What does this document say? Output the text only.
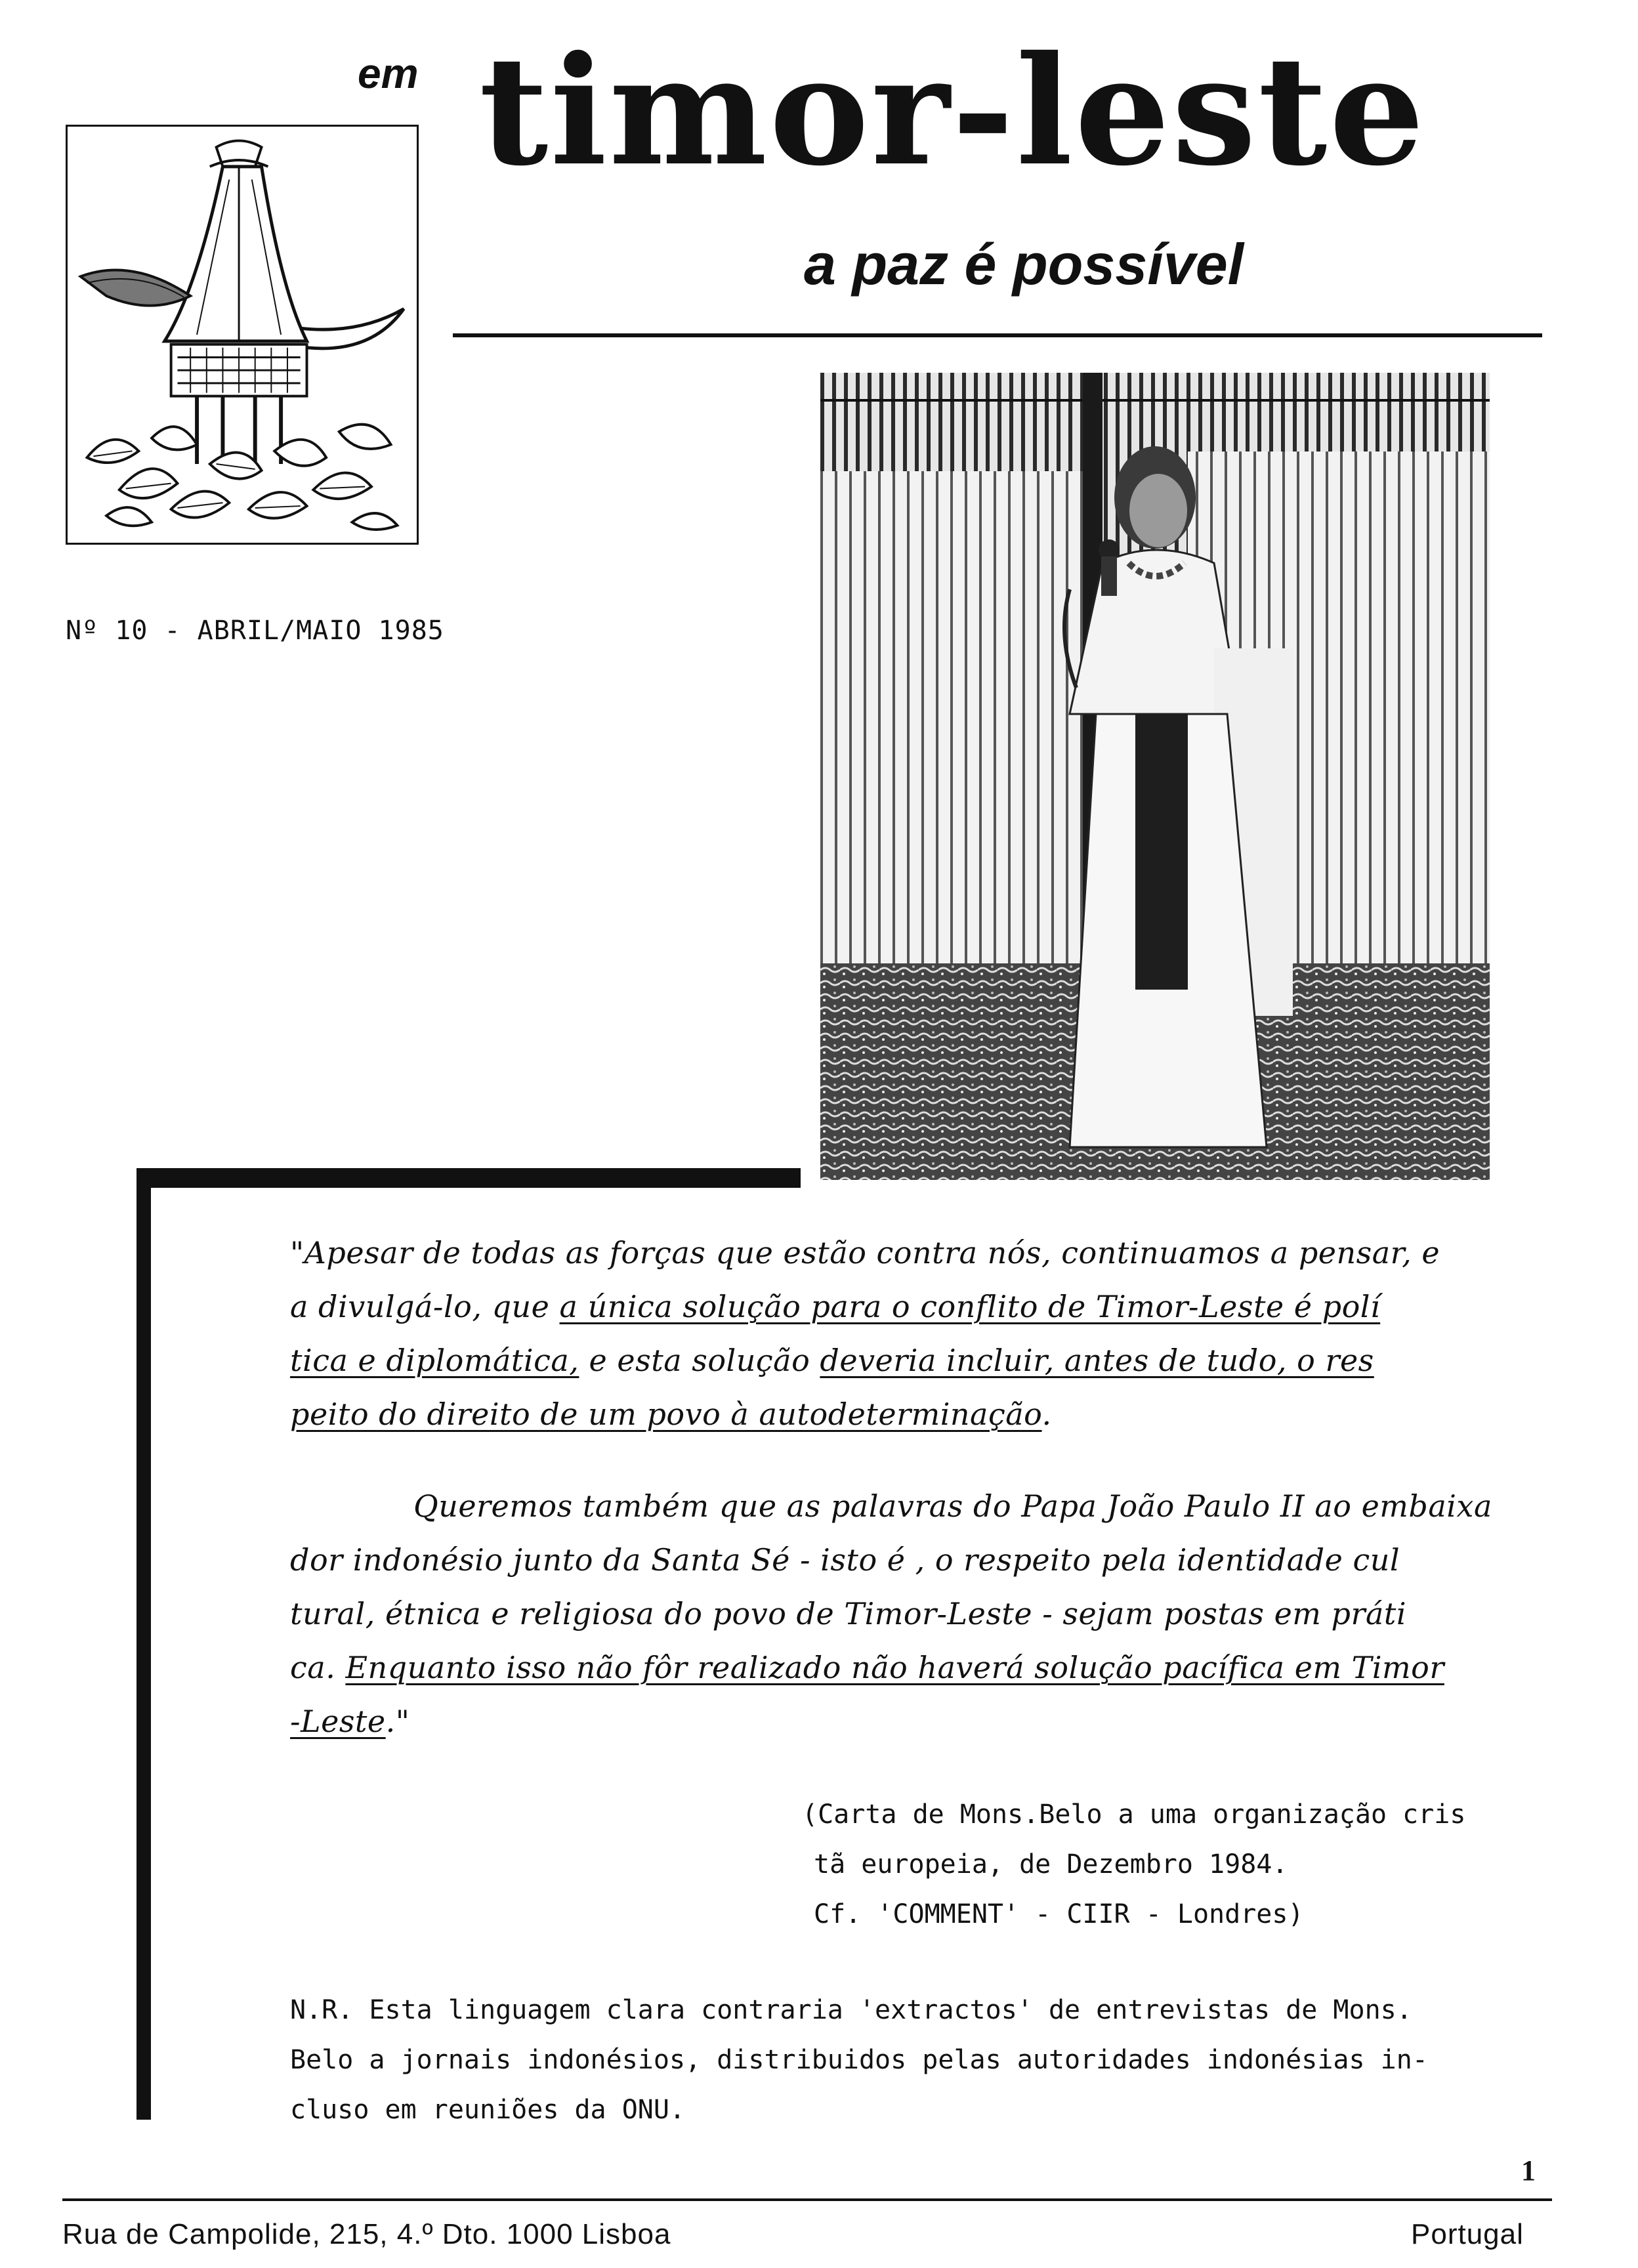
em timor-leste
a paz é possível
Nº 10 - ABRIL/MAIO 1985
"Apesar de todas as forças que estão contra nós, continuamos a pensar, e
a divulgá-lo, que a única solução para o conflito de Timor-Leste é polí
tica e diplomática, e esta solução deveria incluir, antes de tudo, o res
peito do direito de um povo à autodeterminação.
Queremos também que as palavras do Papa João Paulo II ao embaixa
dor indonésio junto da Santa Sé - isto é , o respeito pela identidade cul
tural, étnica e religiosa do povo de Timor-Leste - sejam postas em práti
ca. Enquanto isso não fôr realizado não haverá solução pacífica em Timor
-Leste."
(Carta de Mons.Belo a uma organização cris
tã europeia, de Dezembro 1984.
Cf. 'COMMENT' - CIIR - Londres)
N.R. Esta linguagem clara contraria 'extractos' de entrevistas de Mons.
Belo a jornais indonésios, distribuidos pelas autoridades indonésias in-
cluso em reuniões da ONU.
1
Rua de Campolide, 215, 4.º Dto. 1000 Lisboa	Portugal
